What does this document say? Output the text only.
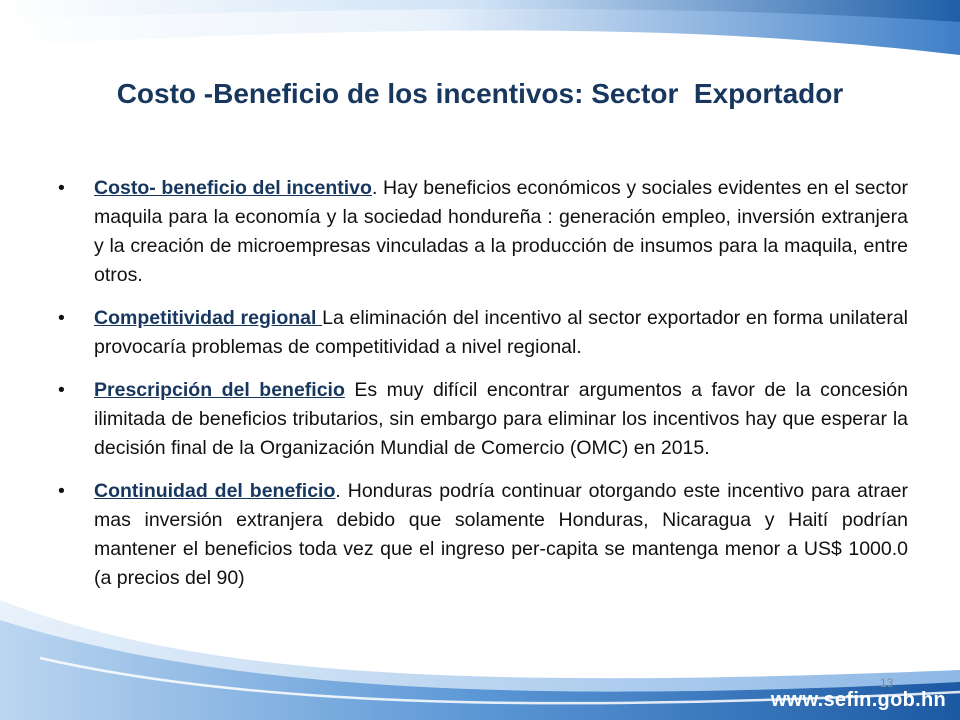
Costo -Beneficio de los incentivos: Sector  Exportador
• Costo- beneficio del incentivo. Hay beneficios económicos y sociales evidentes en el sector maquila para la economía y la sociedad hondureña : generación empleo, inversión extranjera y la creación de microempresas vinculadas a la producción de insumos para la maquila, entre otros.
• Competitividad regional La eliminación del incentivo al sector exportador en forma unilateral provocaría problemas de competitividad a nivel regional.
• Prescripción del beneficio Es muy difícil encontrar argumentos a favor de la concesión ilimitada de beneficios tributarios, sin embargo para eliminar los incentivos hay que esperar la decisión final de la Organización Mundial de Comercio (OMC) en 2015.
• Continuidad del beneficio. Honduras podría continuar otorgando este incentivo para atraer mas inversión extranjera debido que solamente Honduras, Nicaragua y Haití podrían mantener el beneficios toda vez que el ingreso per-capita se mantenga menor a US$ 1000.0 (a precios del 90)
13
www.sefin.gob.hn
